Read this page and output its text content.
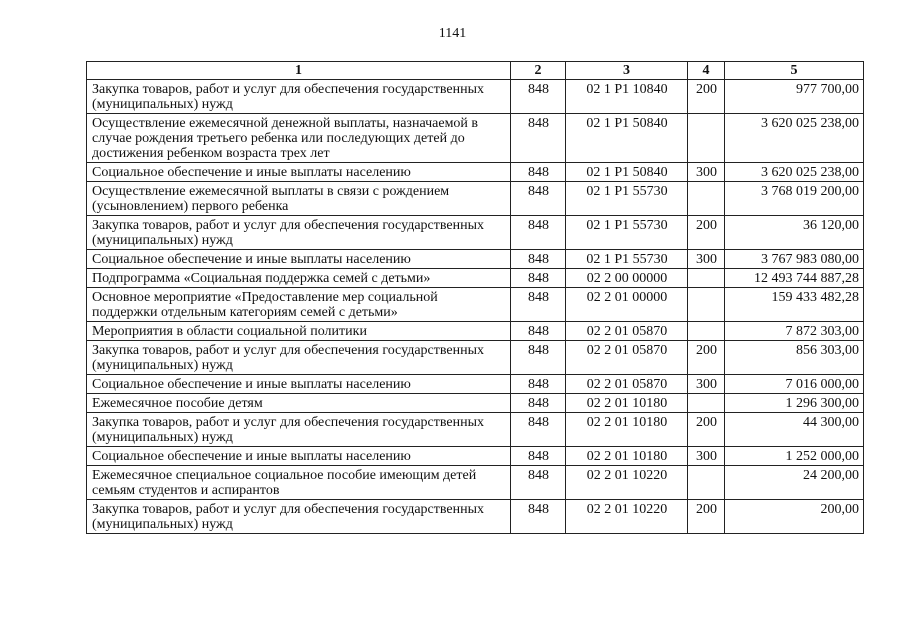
1141
1	2	3	4	5
Закупка товаров, работ и услуг для обеспечения государственных (муниципальных) нужд	848	02 1 P1 10840	200	977 700,00
Осуществление ежемесячной денежной выплаты, назначаемой в случае рождения третьего ребенка или последующих детей до достижения ребенком возраста трех лет	848	02 1 P1 50840		3 620 025 238,00
Социальное обеспечение и иные выплаты населению	848	02 1 P1 50840	300	3 620 025 238,00
Осуществление ежемесячной выплаты в связи с рождением (усыновлением) первого ребенка	848	02 1 P1 55730		3 768 019 200,00
Закупка товаров, работ и услуг для обеспечения государственных (муниципальных) нужд	848	02 1 P1 55730	200	36 120,00
Социальное обеспечение и иные выплаты населению	848	02 1 P1 55730	300	3 767 983 080,00
Подпрограмма «Социальная поддержка семей с детьми»	848	02 2 00 00000		12 493 744 887,28
Основное мероприятие «Предоставление мер социальной поддержки отдельным категориям семей с детьми»	848	02 2 01 00000		159 433 482,28
Мероприятия в области социальной политики	848	02 2 01 05870		7 872 303,00
Закупка товаров, работ и услуг для обеспечения государственных (муниципальных) нужд	848	02 2 01 05870	200	856 303,00
Социальное обеспечение и иные выплаты населению	848	02 2 01 05870	300	7 016 000,00
Ежемесячное пособие детям	848	02 2 01 10180		1 296 300,00
Закупка товаров, работ и услуг для обеспечения государственных (муниципальных) нужд	848	02 2 01 10180	200	44 300,00
Социальное обеспечение и иные выплаты населению	848	02 2 01 10180	300	1 252 000,00
Ежемесячное специальное социальное пособие имеющим детей семьям студентов и аспирантов	848	02 2 01 10220		24 200,00
Закупка товаров, работ и услуг для обеспечения государственных (муниципальных) нужд	848	02 2 01 10220	200	200,00
